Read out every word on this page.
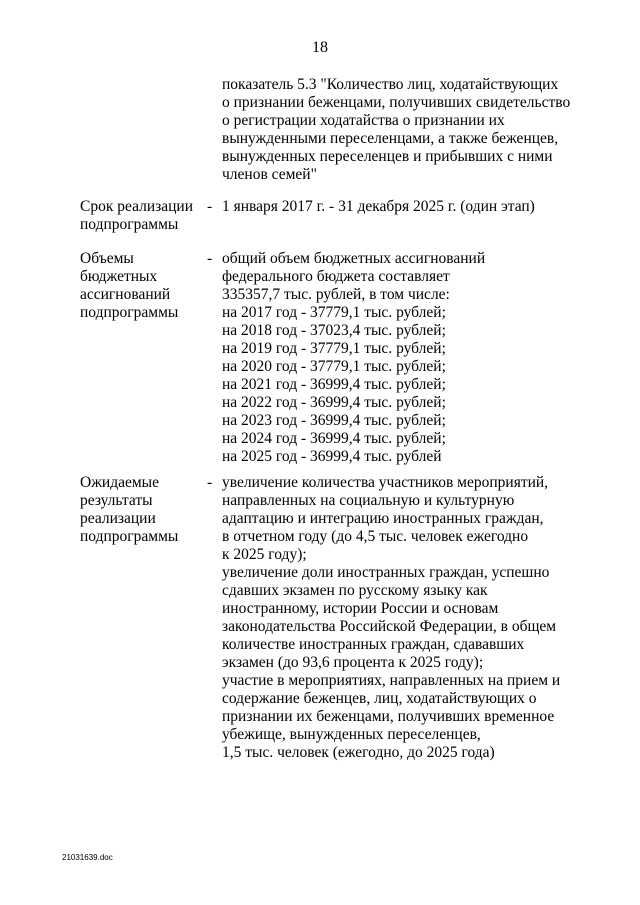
18
показатель 5.3 "Количество лиц, ходатайствующих
о признании беженцами, получивших свидетельство
о регистрации ходатайства о признании их
вынужденными переселенцами, а также беженцев,
вынужденных переселенцев и прибывших с ними
членов семей"
Срок реализации
подпрограммы
- 1 января 2017 г. - 31 декабря 2025 г. (один этап)
Объемы
бюджетных
ассигнований
подпрограммы
- общий объем бюджетных ассигнований
федерального бюджета составляет
335357,7 тыс. рублей, в том числе:
на 2017 год - 37779,1 тыс. рублей;
на 2018 год - 37023,4 тыс. рублей;
на 2019 год - 37779,1 тыс. рублей;
на 2020 год - 37779,1 тыс. рублей;
на 2021 год - 36999,4 тыс. рублей;
на 2022 год - 36999,4 тыс. рублей;
на 2023 год - 36999,4 тыс. рублей;
на 2024 год - 36999,4 тыс. рублей;
на 2025 год - 36999,4 тыс. рублей
Ожидаемые
результаты
реализации
подпрограммы
- увеличение количества участников мероприятий,
направленных на социальную и культурную
адаптацию и интеграцию иностранных граждан,
в отчетном году (до 4,5 тыс. человек ежегодно
к 2025 году);
увеличение доли иностранных граждан, успешно
сдавших экзамен по русскому языку как
иностранному, истории России и основам
законодательства Российской Федерации, в общем
количестве иностранных граждан, сдававших
экзамен (до 93,6 процента к 2025 году);
участие в мероприятиях, направленных на прием и
содержание беженцев, лиц, ходатайствующих о
признании их беженцами, получивших временное
убежище, вынужденных переселенцев,
1,5 тыс. человек (ежегодно, до 2025 года)
21031639.doc
